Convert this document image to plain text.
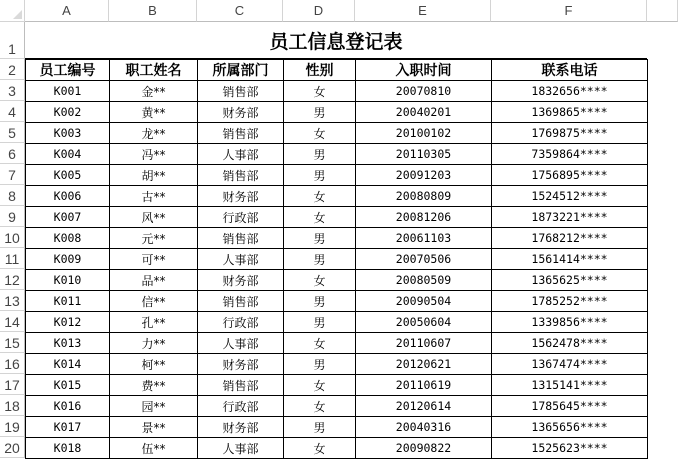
A	B	C	D	E	F
1
2
3
4
5
6
7
8
9
10
11
12
13
14
15
16
17
18
19
20
员工信息登记表
员工编号	职工姓名	所属部门	性别	入职时间	联系电话
K001	金**	销售部	女	20070810	1832656****
K002	黄**	财务部	男	20040201	1369865****
K003	龙**	销售部	女	20100102	1769875****
K004	冯**	人事部	男	20110305	7359864****
K005	胡**	销售部	男	20091203	1756895****
K006	古**	财务部	女	20080809	1524512****
K007	风**	行政部	女	20081206	1873221****
K008	元**	销售部	男	20061103	1768212****
K009	可**	人事部	男	20070506	1561414****
K010	品**	财务部	女	20080509	1365625****
K011	信**	销售部	男	20090504	1785252****
K012	孔**	行政部	男	20050604	1339856****
K013	力**	人事部	女	20110607	1562478****
K014	柯**	财务部	男	20120621	1367474****
K015	费**	销售部	女	20110619	1315141****
K016	园**	行政部	女	20120614	1785645****
K017	景**	财务部	男	20040316	1365656****
K018	伍**	人事部	女	20090822	1525623****
